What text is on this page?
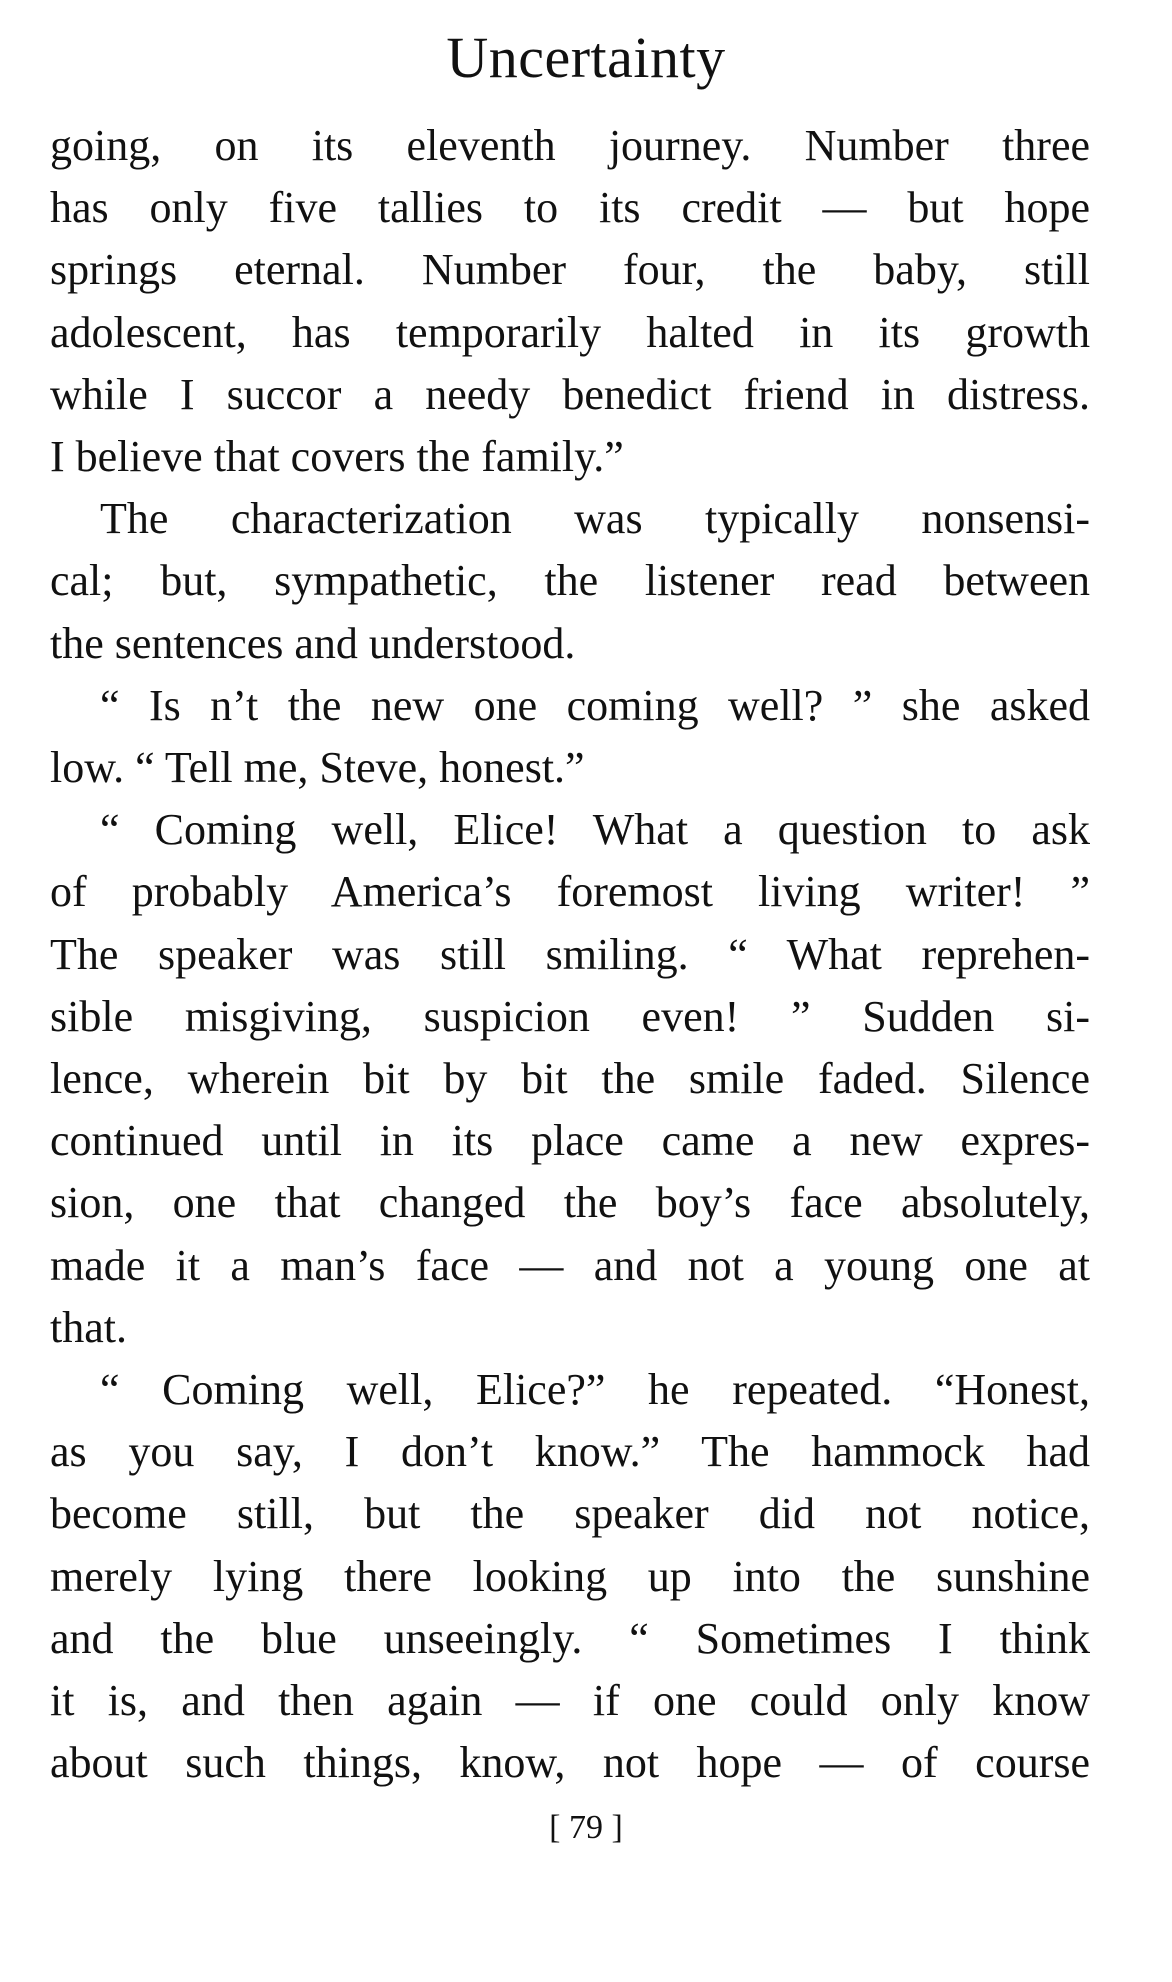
Uncertainty
going, on its eleventh journey. Number three
has only five tallies to its credit — but hope
springs eternal. Number four, the baby, still
adolescent, has temporarily halted in its growth
while I succor a needy benedict friend in distress.
I believe that covers the family.”
The characterization was typically nonsensi-
cal; but, sympathetic, the listener read between
the sentences and understood.
“ Is n’t the new one coming well? ” she asked
low. “ Tell me, Steve, honest.”
“ Coming well, Elice! What a question to ask
of probably America’s foremost living writer! ”
The speaker was still smiling. “ What reprehen-
sible misgiving, suspicion even! ” Sudden si-
lence, wherein bit by bit the smile faded. Silence
continued until in its place came a new expres-
sion, one that changed the boy’s face absolutely,
made it a man’s face — and not a young one at
that.
“ Coming well, Elice?” he repeated. “Honest,
as you say, I don’t know.” The hammock had
become still, but the speaker did not notice,
merely lying there looking up into the sunshine
and the blue unseeingly. “ Sometimes I think
it is, and then again — if one could only know
about such things, know, not hope — of course
[ 79 ]
